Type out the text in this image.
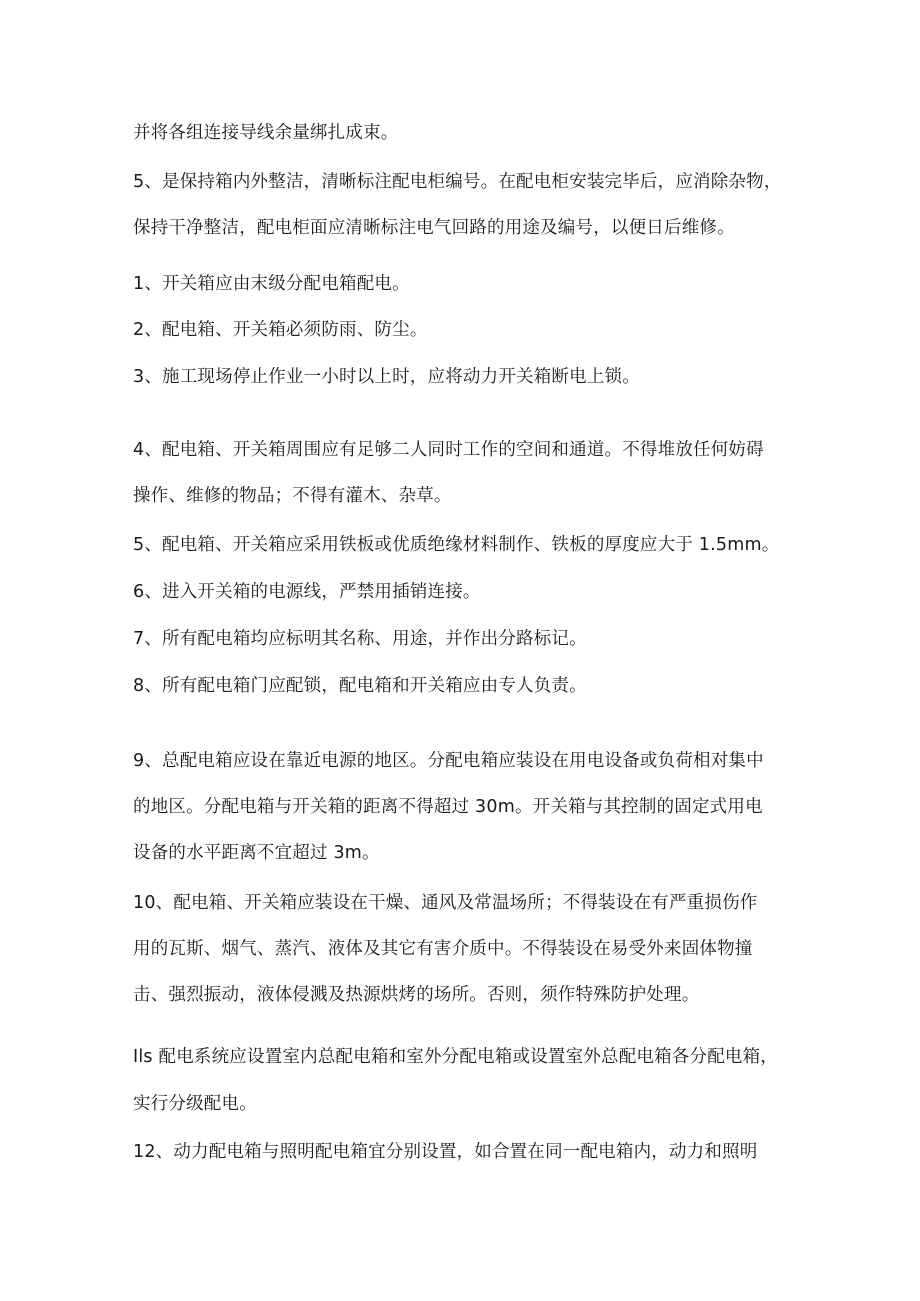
并将各组连接导线余量绑扎成束。

5、是保持箱内外整洁，清晰标注配电柜编号。在配电柜安装完毕后，应消除杂物，
保持干净整洁，配电柜面应清晰标注电气回路的用途及编号，以便日后维修。

1、开关箱应由末级分配电箱配电。

2、配电箱、开关箱必须防雨、防尘。

3、施工现场停止作业一小时以上时，应将动力开关箱断电上锁。

4、配电箱、开关箱周围应有足够二人同时工作的空间和通道。不得堆放任何妨碍
操作、维修的物品；不得有灌木、杂草。

5、配电箱、开关箱应采用铁板或优质绝缘材料制作、铁板的厚度应大于 1.5mm。

6、进入开关箱的电源线，严禁用插销连接。

7、所有配电箱均应标明其名称、用途，并作出分路标记。

8、所有配电箱门应配锁，配电箱和开关箱应由专人负责。

9、总配电箱应设在靠近电源的地区。分配电箱应装设在用电设备或负荷相对集中
的地区。分配电箱与开关箱的距离不得超过 30m。开关箱与其控制的固定式用电
设备的水平距离不宜超过 3m。

10、配电箱、开关箱应装设在干燥、通风及常温场所；不得装设在有严重损伤作
用的瓦斯、烟气、蒸汽、液体及其它有害介质中。不得装设在易受外来固体物撞
击、强烈振动，液体侵溅及热源烘烤的场所。否则，须作特殊防护处理。

Ils 配电系统应设置室内总配电箱和室外分配电箱或设置室外总配电箱各分配电箱，
实行分级配电。

12、动力配电箱与照明配电箱宜分别设置，如合置在同一配电箱内，动力和照明
